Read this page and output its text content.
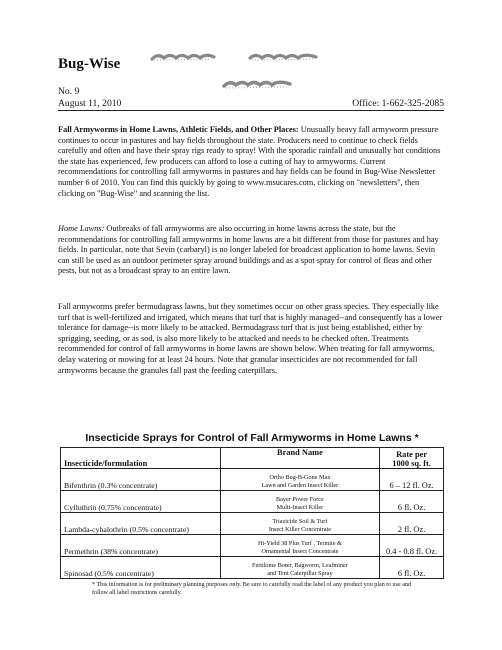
Bug-Wise
No. 9
August 11, 2010	Office: 1-662-325-2085

Fall Armyworms in Home Lawns, Athletic Fields, and Other Places: Unusually heavy fall armyworm pressure continues to occur in pastures and hay fields throughout the state. Producers need to continue to check fields carefully and often and have their spray rigs ready to spray! With the sporadic rainfall and unusually hot conditions the state has experienced, few producers can afford to lose a cutting of hay to armyworms. Current recommendations for controlling fall armyworms in pastures and hay fields can be found in Bug-Wise Newsletter number 6 of 2010. You can find this quickly by going to www.msucares.com, clicking on "newsletters", then clicking on "Bug-Wise" and scanning the list.

Home Lawns: Outbreaks of fall armyworms are also occurring in home lawns across the state, but the recommendations for controlling fall armyworms in home lawns are a bit different from those for pastures and hay fields. In particular, note that Sevin (carbaryl) is no longer labeled for broadcast application to home lawns. Sevin can still be used as an outdoor perimeter spray around buildings and as a spot spray for control of fleas and other pests, but not as a broadcast spray to an entire lawn.

Fall armyworms prefer bermudagrass lawns, but they sometimes occur on other grass species. They especially like turf that is well-fertilized and irrigated, which means that turf that is highly managed--and consequently has a lower tolerance for damage--is more likely to be attacked. Bermudagrass turf that is just being established, either by sprigging, seeding, or as sod, is also more likely to be attacked and needs to be checked often. Treatments recommended for control of fall armyworms in home lawns are shown below. When treating for fall armyworms, delay watering or mowing for at least 24 hours. Note that granular insecticides are not recommended for fall armyworms because the granules fall past the feeding caterpillars.

Insecticide Sprays for Control of Fall Armyworms in Home Lawns *
Insecticide/formulation	Brand Name	Rate per
1000 sq. ft.
Bifenthrin (0.3% concentrate)	Ortho Bug-B-Gone Max
Lawn and Garden Insect Killer	6 – 12 fl. Oz.
Cyfluthrin (0.75% concentrate)	Bayer Power Force
Multi-Insect Killer	6 fl. Oz.
Lambda-cyhalothrin (0.5% concentrate)	Triazicide Soil & Turf
Insect Killer Concentrate	2 fl. Oz.
Permethrin (38% concentrate)	Hi-Yield 38 Plus Turf , Termite &
Ornamental Insect Concentrate	0.4 - 0.8 fl. Oz.
Spinosad (0.5% concentrate)	Fertilome Borer, Bagworm, Leafminer
and Tent Caterpillar Spray	6 fl. Oz.
* This information is for preliminary planning purposes only. Be sure to carefully read the label of any product you plan to use and follow all label restrictions carefully.
